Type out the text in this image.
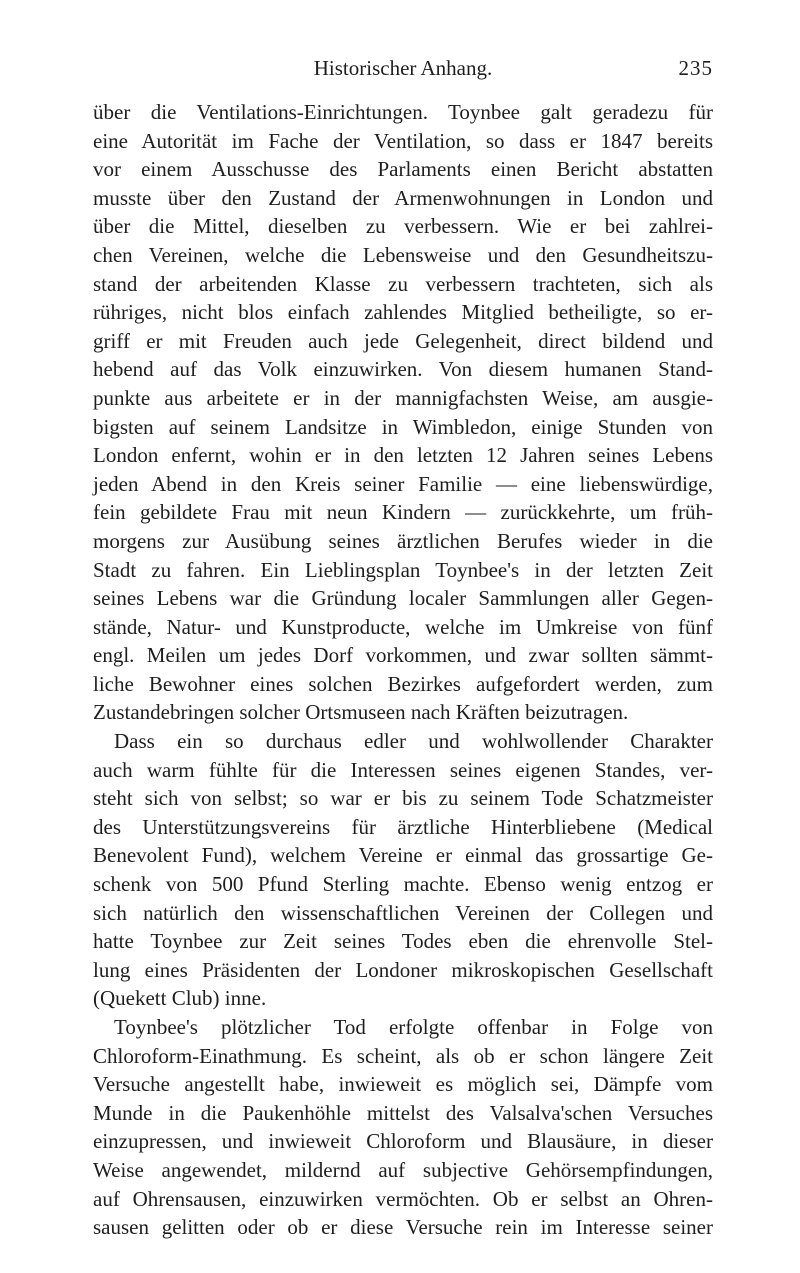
Historischer Anhang.	235
über die Ventilations-Einrichtungen. Toynbee galt geradezu für
eine Autorität im Fache der Ventilation, so dass er 1847 bereits
vor einem Ausschusse des Parlaments einen Bericht abstatten
musste über den Zustand der Armenwohnungen in London und
über die Mittel, dieselben zu verbessern. Wie er bei zahlrei-
chen Vereinen, welche die Lebensweise und den Gesundheitszu-
stand der arbeitenden Klasse zu verbessern trachteten, sich als
rühriges, nicht blos einfach zahlendes Mitglied betheiligte, so er-
griff er mit Freuden auch jede Gelegenheit, direct bildend und
hebend auf das Volk einzuwirken. Von diesem humanen Stand-
punkte aus arbeitete er in der mannigfachsten Weise, am ausgie-
bigsten auf seinem Landsitze in Wimbledon, einige Stunden von
London enfernt, wohin er in den letzten 12 Jahren seines Lebens
jeden Abend in den Kreis seiner Familie — eine liebenswürdige,
fein gebildete Frau mit neun Kindern — zurückkehrte, um früh-
morgens zur Ausübung seines ärztlichen Berufes wieder in die
Stadt zu fahren. Ein Lieblingsplan Toynbee's in der letzten Zeit
seines Lebens war die Gründung localer Sammlungen aller Gegen-
stände, Natur- und Kunstproducte, welche im Umkreise von fünf
engl. Meilen um jedes Dorf vorkommen, und zwar sollten sämmt-
liche Bewohner eines solchen Bezirkes aufgefordert werden, zum
Zustandebringen solcher Ortsmuseen nach Kräften beizutragen.
Dass ein so durchaus edler und wohlwollender Charakter
auch warm fühlte für die Interessen seines eigenen Standes, ver-
steht sich von selbst; so war er bis zu seinem Tode Schatzmeister
des Unterstützungsvereins für ärztliche Hinterbliebene (Medical
Benevolent Fund), welchem Vereine er einmal das grossartige Ge-
schenk von 500 Pfund Sterling machte. Ebenso wenig entzog er
sich natürlich den wissenschaftlichen Vereinen der Collegen und
hatte Toynbee zur Zeit seines Todes eben die ehrenvolle Stel-
lung eines Präsidenten der Londoner mikroskopischen Gesellschaft
(Quekett Club) inne.
Toynbee's plötzlicher Tod erfolgte offenbar in Folge von
Chloroform-Einathmung. Es scheint, als ob er schon längere Zeit
Versuche angestellt habe, inwieweit es möglich sei, Dämpfe vom
Munde in die Paukenhöhle mittelst des Valsalva'schen Versuches
einzupressen, und inwieweit Chloroform und Blausäure, in dieser
Weise angewendet, mildernd auf subjective Gehörsempfindungen,
auf Ohrensausen, einzuwirken vermöchten. Ob er selbst an Ohren-
sausen gelitten oder ob er diese Versuche rein im Interesse seiner
